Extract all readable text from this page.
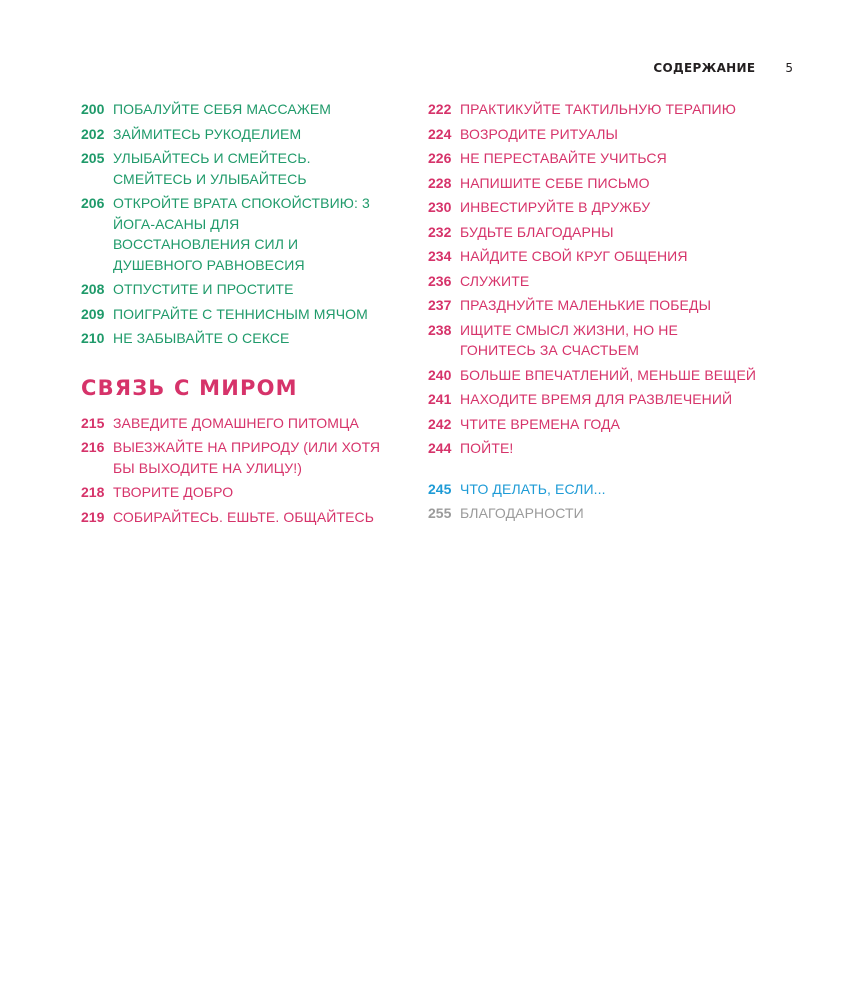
СОДЕРЖАНИЕ	5
200 ПОБАЛУЙТЕ СЕБЯ МАССАЖЕМ
202 ЗАЙМИТЕСЬ РУКОДЕЛИЕМ
205 УЛЫБАЙТЕСЬ И СМЕЙТЕСЬ. СМЕЙТЕСЬ И УЛЫБАЙТЕСЬ
206 ОТКРОЙТЕ ВРАТА СПОКОЙСТВИЮ: 3 ЙОГА-АСАНЫ ДЛЯ ВОССТАНОВЛЕНИЯ СИЛ И ДУШЕВНОГО РАВНОВЕСИЯ
208 ОТПУСТИТЕ И ПРОСТИТЕ
209 ПОИГРАЙТЕ С ТЕННИСНЫМ МЯЧОМ
210 НЕ ЗАБЫВАЙТЕ О СЕКСЕ
СВЯЗЬ С МИРОМ
215 ЗАВЕДИТЕ ДОМАШНЕГО ПИТОМЦА
216 ВЫЕЗЖАЙТЕ НА ПРИРОДУ (ИЛИ ХОТЯ БЫ ВЫХОДИТЕ НА УЛИЦУ!)
218 ТВОРИТЕ ДОБРО
219 СОБИРАЙТЕСЬ. ЕШЬТЕ. ОБЩАЙТЕСЬ
222 ПРАКТИКУЙТЕ ТАКТИЛЬНУЮ ТЕРАПИЮ
224 ВОЗРОДИТЕ РИТУАЛЫ
226 НЕ ПЕРЕСТАВАЙТЕ УЧИТЬСЯ
228 НАПИШИТЕ СЕБЕ ПИСЬМО
230 ИНВЕСТИРУЙТЕ В ДРУЖБУ
232 БУДЬТЕ БЛАГОДАРНЫ
234 НАЙДИТЕ СВОЙ КРУГ ОБЩЕНИЯ
236 СЛУЖИТЕ
237 ПРАЗДНУЙТЕ МАЛЕНЬКИЕ ПОБЕДЫ
238 ИЩИТЕ СМЫСЛ ЖИЗНИ, НО НЕ ГОНИТЕСЬ ЗА СЧАСТЬЕМ
240 БОЛЬШЕ ВПЕЧАТЛЕНИЙ, МЕНЬШЕ ВЕЩЕЙ
241 НАХОДИТЕ ВРЕМЯ ДЛЯ РАЗВЛЕЧЕНИЙ
242 ЧТИТЕ ВРЕМЕНА ГОДА
244 ПОЙТЕ!
245 ЧТО ДЕЛАТЬ, ЕСЛИ...
255 БЛАГОДАРНОСТИ
